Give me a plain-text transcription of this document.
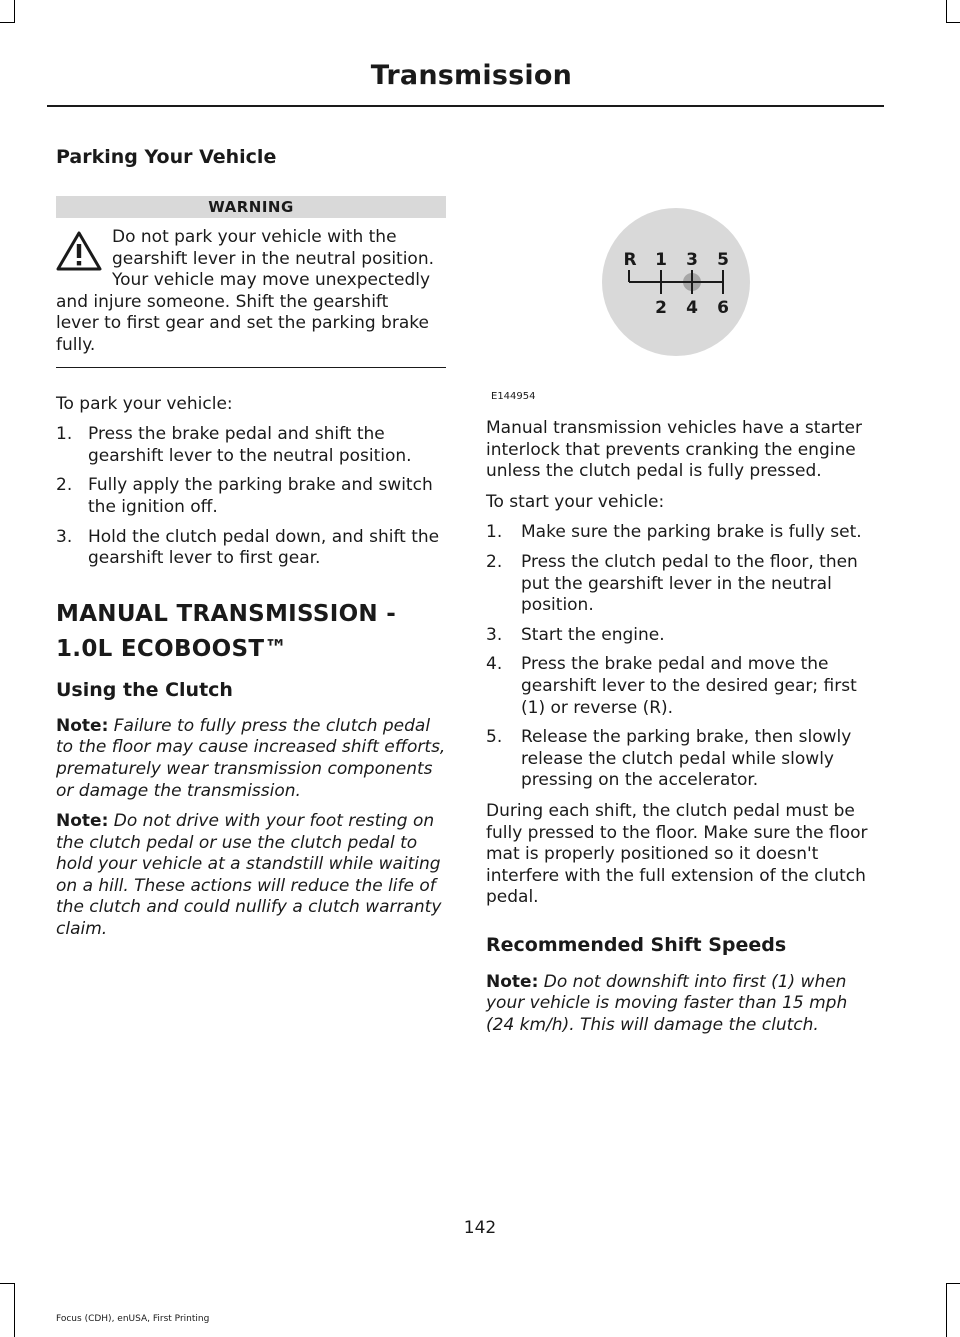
Transmission
Parking Your Vehicle
WARNING
Do not park your vehicle with the
gearshift lever in the neutral position.
Your vehicle may move unexpectedly
and injure someone. Shift the gearshift
lever to first gear and set the parking brake
fully.

To park your vehicle:

1. Press the brake pedal and shift the gearshift lever to the neutral position.
2. Fully apply the parking brake and switch the ignition off.
3. Hold the clutch pedal down, and shift the gearshift lever to first gear.
MANUAL TRANSMISSION -
1.0L ECOBOOST™
Using the Clutch

Note: Failure to fully press the clutch pedal to the floor may cause increased shift efforts, prematurely wear transmission components or damage the transmission.

Note: Do not drive with your foot resting on the clutch pedal or use the clutch pedal to hold your vehicle at a standstill while waiting on a hill. These actions will reduce the life of the clutch and could nullify a clutch warranty claim.

R 1 3 5
2 4 6
E144954

Manual transmission vehicles have a starter interlock that prevents cranking the engine unless the clutch pedal is fully pressed.

To start your vehicle:

1. Make sure the parking brake is fully set.
2. Press the clutch pedal to the floor, then put the gearshift lever in the neutral position.
3. Start the engine.
4. Press the brake pedal and move the gearshift lever to the desired gear; first (1) or reverse (R).
5. Release the parking brake, then slowly release the clutch pedal while slowly pressing on the accelerator.

During each shift, the clutch pedal must be fully pressed to the floor. Make sure the floor mat is properly positioned so it doesn't interfere with the full extension of the clutch pedal.

Recommended Shift Speeds

Note: Do not downshift into first (1) when your vehicle is moving faster than 15 mph (24 km/h). This will damage the clutch.

142
Focus (CDH), enUSA, First Printing
